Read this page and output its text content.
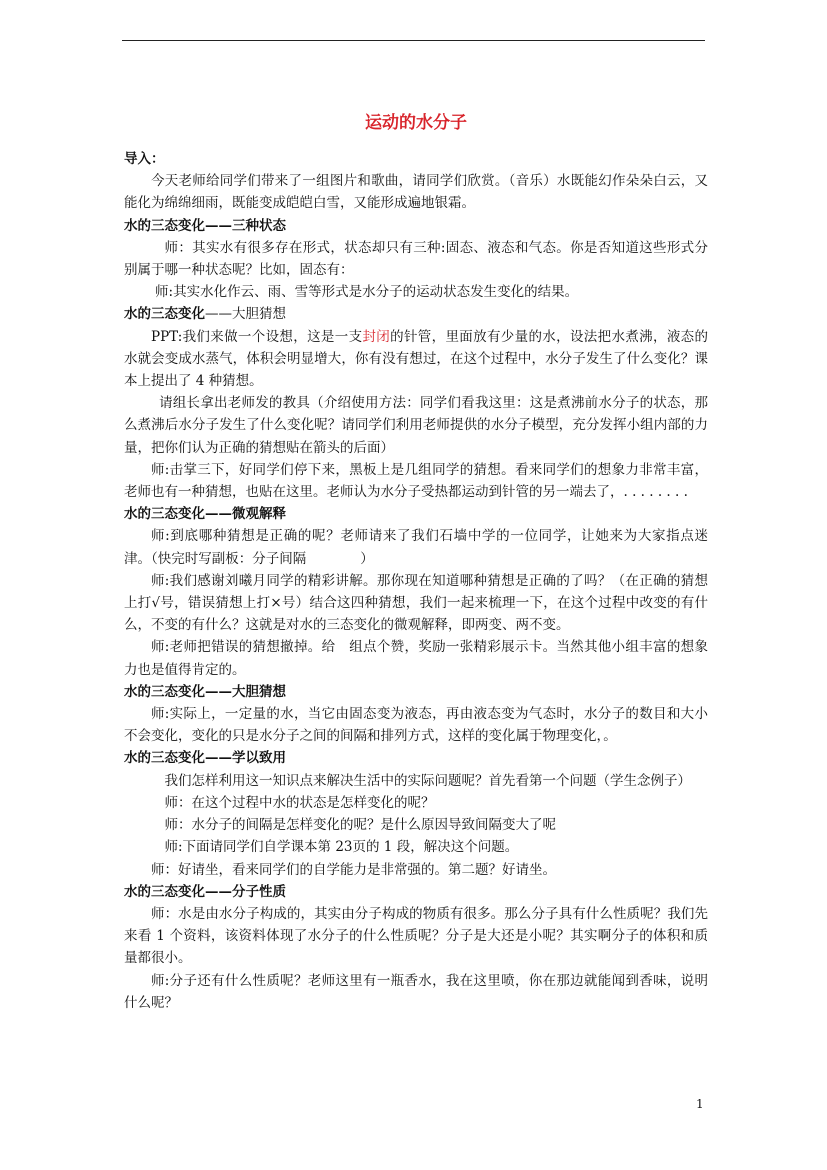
运动的水分子

导入：

今天老师给同学们带来了一组图片和歌曲，请同学们欣赏。（音乐）水既能幻作朵朵白云，又能化为绵绵细雨，既能变成皑皑白雪，又能形成遍地银霜。

水的三态变化——三种状态

师：其实水有很多存在形式，状态却只有三种:固态、液态和气态。你是否知道这些形式分别属于哪一种状态呢？比如，固态有：

师:其实水化作云、雨、雪等形式是水分子的运动状态发生变化的结果。

水的三态变化——大胆猜想

PPT:我们来做一个设想，这是一支封闭的针管，里面放有少量的水，设法把水煮沸，液态的水就会变成水蒸气，体积会明显增大，你有没有想过，在这个过程中，水分子发生了什么变化？课本上提出了 4 种猜想。

请组长拿出老师发的教具（介绍使用方法：同学们看我这里：这是煮沸前水分子的状态，那么煮沸后水分子发生了什么变化呢？请同学们利用老师提供的水分子模型，充分发挥小组内部的力量，把你们认为正确的猜想贴在箭头的后面）

师:击掌三下，好同学们停下来，黑板上是几组同学的猜想。看来同学们的想象力非常丰富，老师也有一种猜想，也贴在这里。老师认为水分子受热都运动到针管的另一端去了，. . . . . . . .

水的三态变化——微观解释

师:到底哪种猜想是正确的呢？老师请来了我们石墙中学的一位同学，让她来为大家指点迷津。（快完时写副板：分子间隔　　　　）

师:我们感谢刘曦月同学的精彩讲解。那你现在知道哪种猜想是正确的了吗？（在正确的猜想上打√号，错误猜想上打×号）结合这四种猜想，我们一起来梳理一下，在这个过程中改变的有什么，不变的有什么？这就是对水的三态变化的微观解释，即两变、两不变。

师:老师把错误的猜想撤掉。给　组点个赞，奖励一张精彩展示卡。当然其他小组丰富的想象力也是值得肯定的。

水的三态变化——大胆猜想

师:实际上，一定量的水，当它由固态变为液态，再由液态变为气态时，水分子的数目和大小不会变化，变化的只是水分子之间的间隔和排列方式，这样的变化属于物理变化，。

水的三态变化——学以致用

我们怎样利用这一知识点来解决生活中的实际问题呢？首先看第一个问题（学生念例子）

师：在这个过程中水的状态是怎样变化的呢？

师：水分子的间隔是怎样变化的呢？是什么原因导致间隔变大了呢

师:下面请同学们自学课本第 23页的 1 段，解决这个问题。

师：好请坐，看来同学们的自学能力是非常强的。第二题？好请坐。

水的三态变化——分子性质

师：水是由水分子构成的，其实由分子构成的物质有很多。那么分子具有什么性质呢？我们先来看 1 个资料，该资料体现了水分子的什么性质呢？分子是大还是小呢？其实啊分子的体积和质量都很小。

师:分子还有什么性质呢？老师这里有一瓶香水，我在这里喷，你在那边就能闻到香味，说明什么呢？

1
